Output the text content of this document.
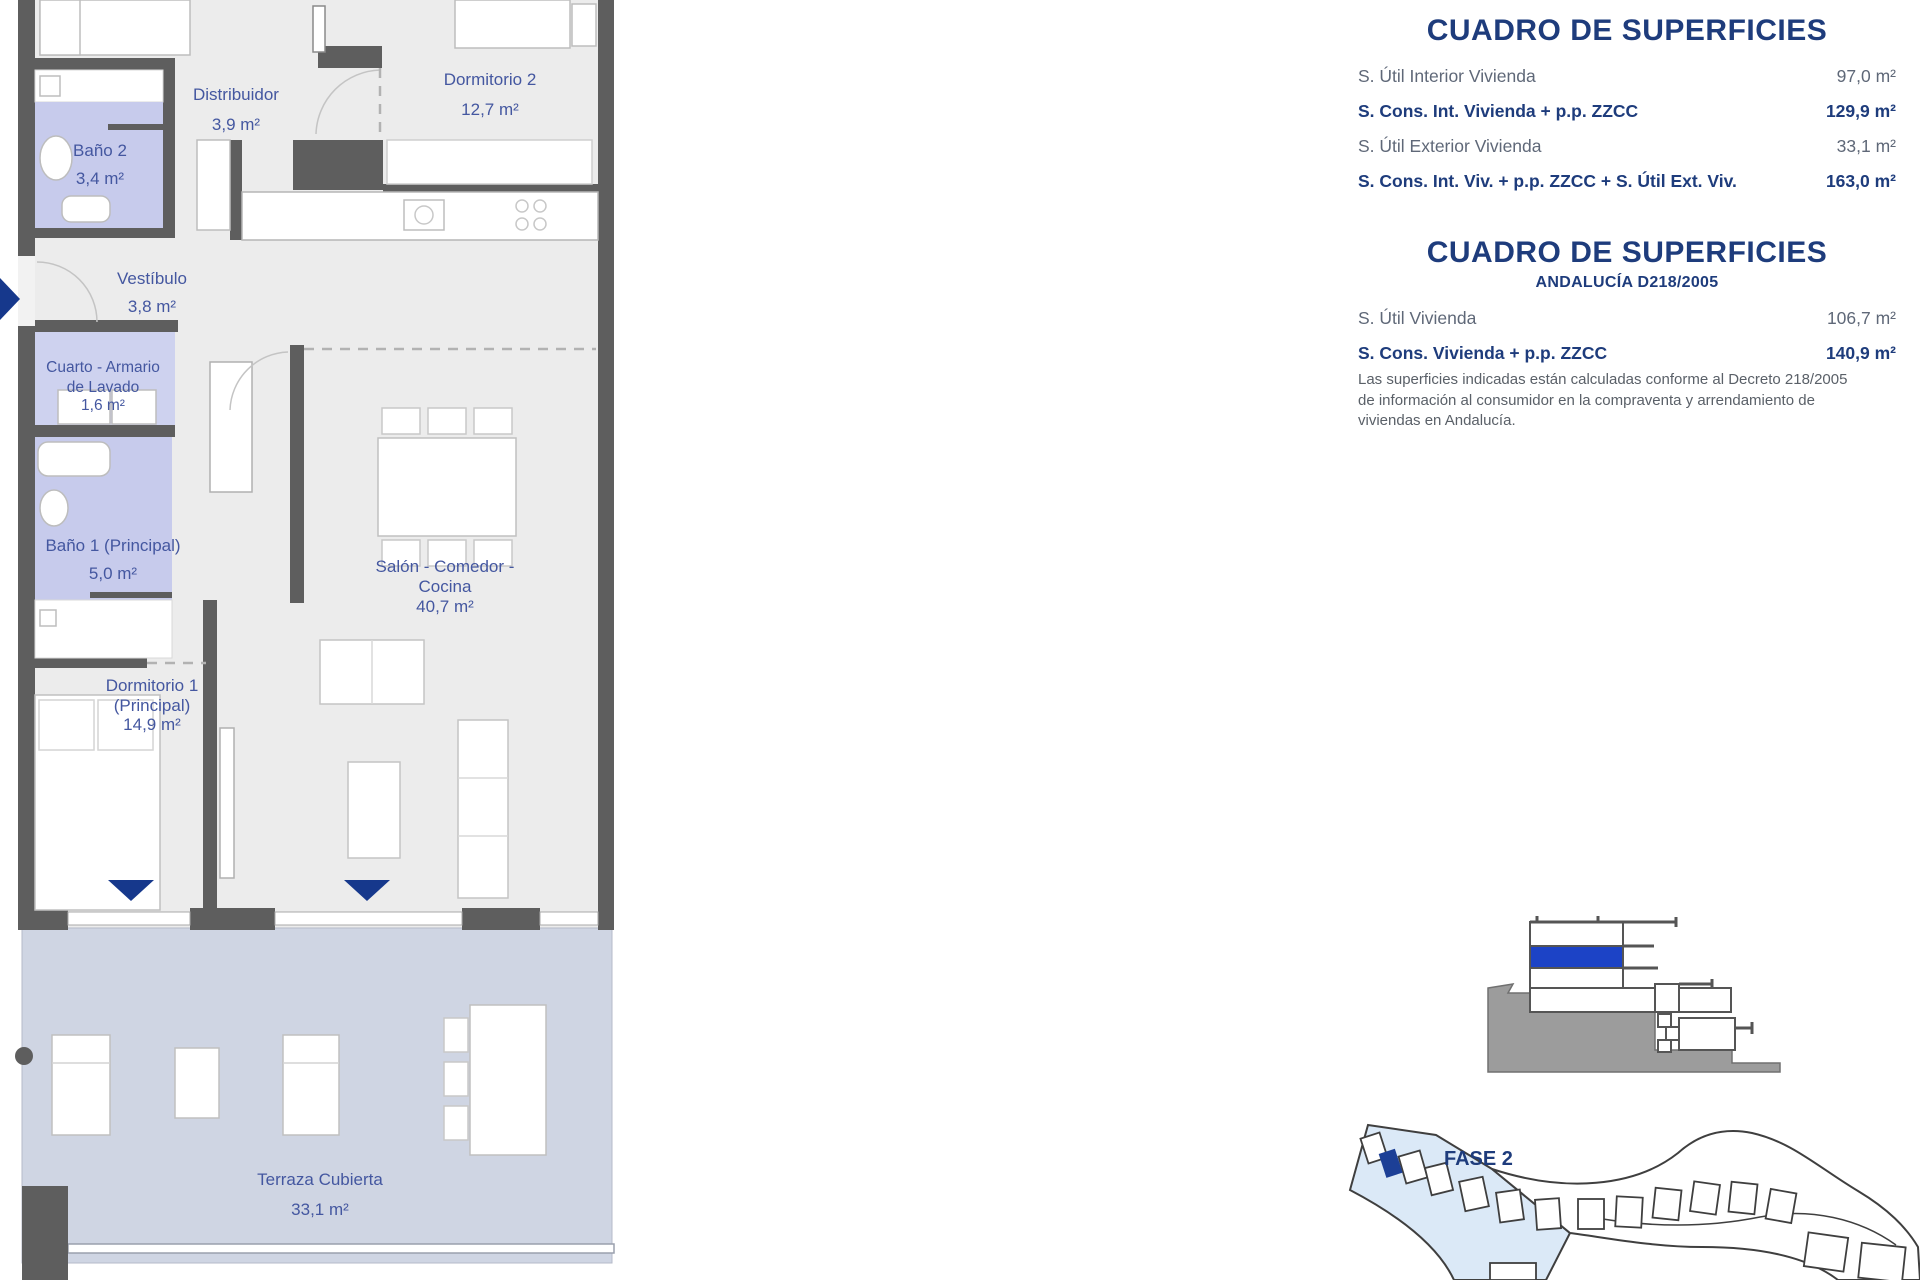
Distribuidor
3,9 m²
Dormitorio 2
12,7 m²
Baño 2
3,4 m²
Vestíbulo
3,8 m²
Cuarto - Armario
de Lavado
1,6 m²
Baño 1 (Principal)
5,0 m²	Salón - Comedor -
Cocina
40,7 m²
Dormitorio 1
(Principal)
14,9 m²
Terraza Cubierta
33,1 m²
CUADRO DE SUPERFICIES
S. Útil Interior Vivienda	97,0 m²
S. Cons. Int. Vivienda + p.p. ZZCC	129,9 m²
S. Útil Exterior Vivienda	33,1 m²
S. Cons. Int. Viv. + p.p. ZZCC + S. Útil Ext. Viv.	163,0 m²
CUADRO DE SUPERFICIES
ANDALUCÍA D218/2005
S. Útil Vivienda	106,7 m²
S. Cons. Vivienda + p.p. ZZCC	140,9 m²
Las superficies indicadas están calculadas conforme al Decreto 218/2005 de información al consumidor en la compraventa y arrendamiento de viviendas en Andalucía.
FASE 2
